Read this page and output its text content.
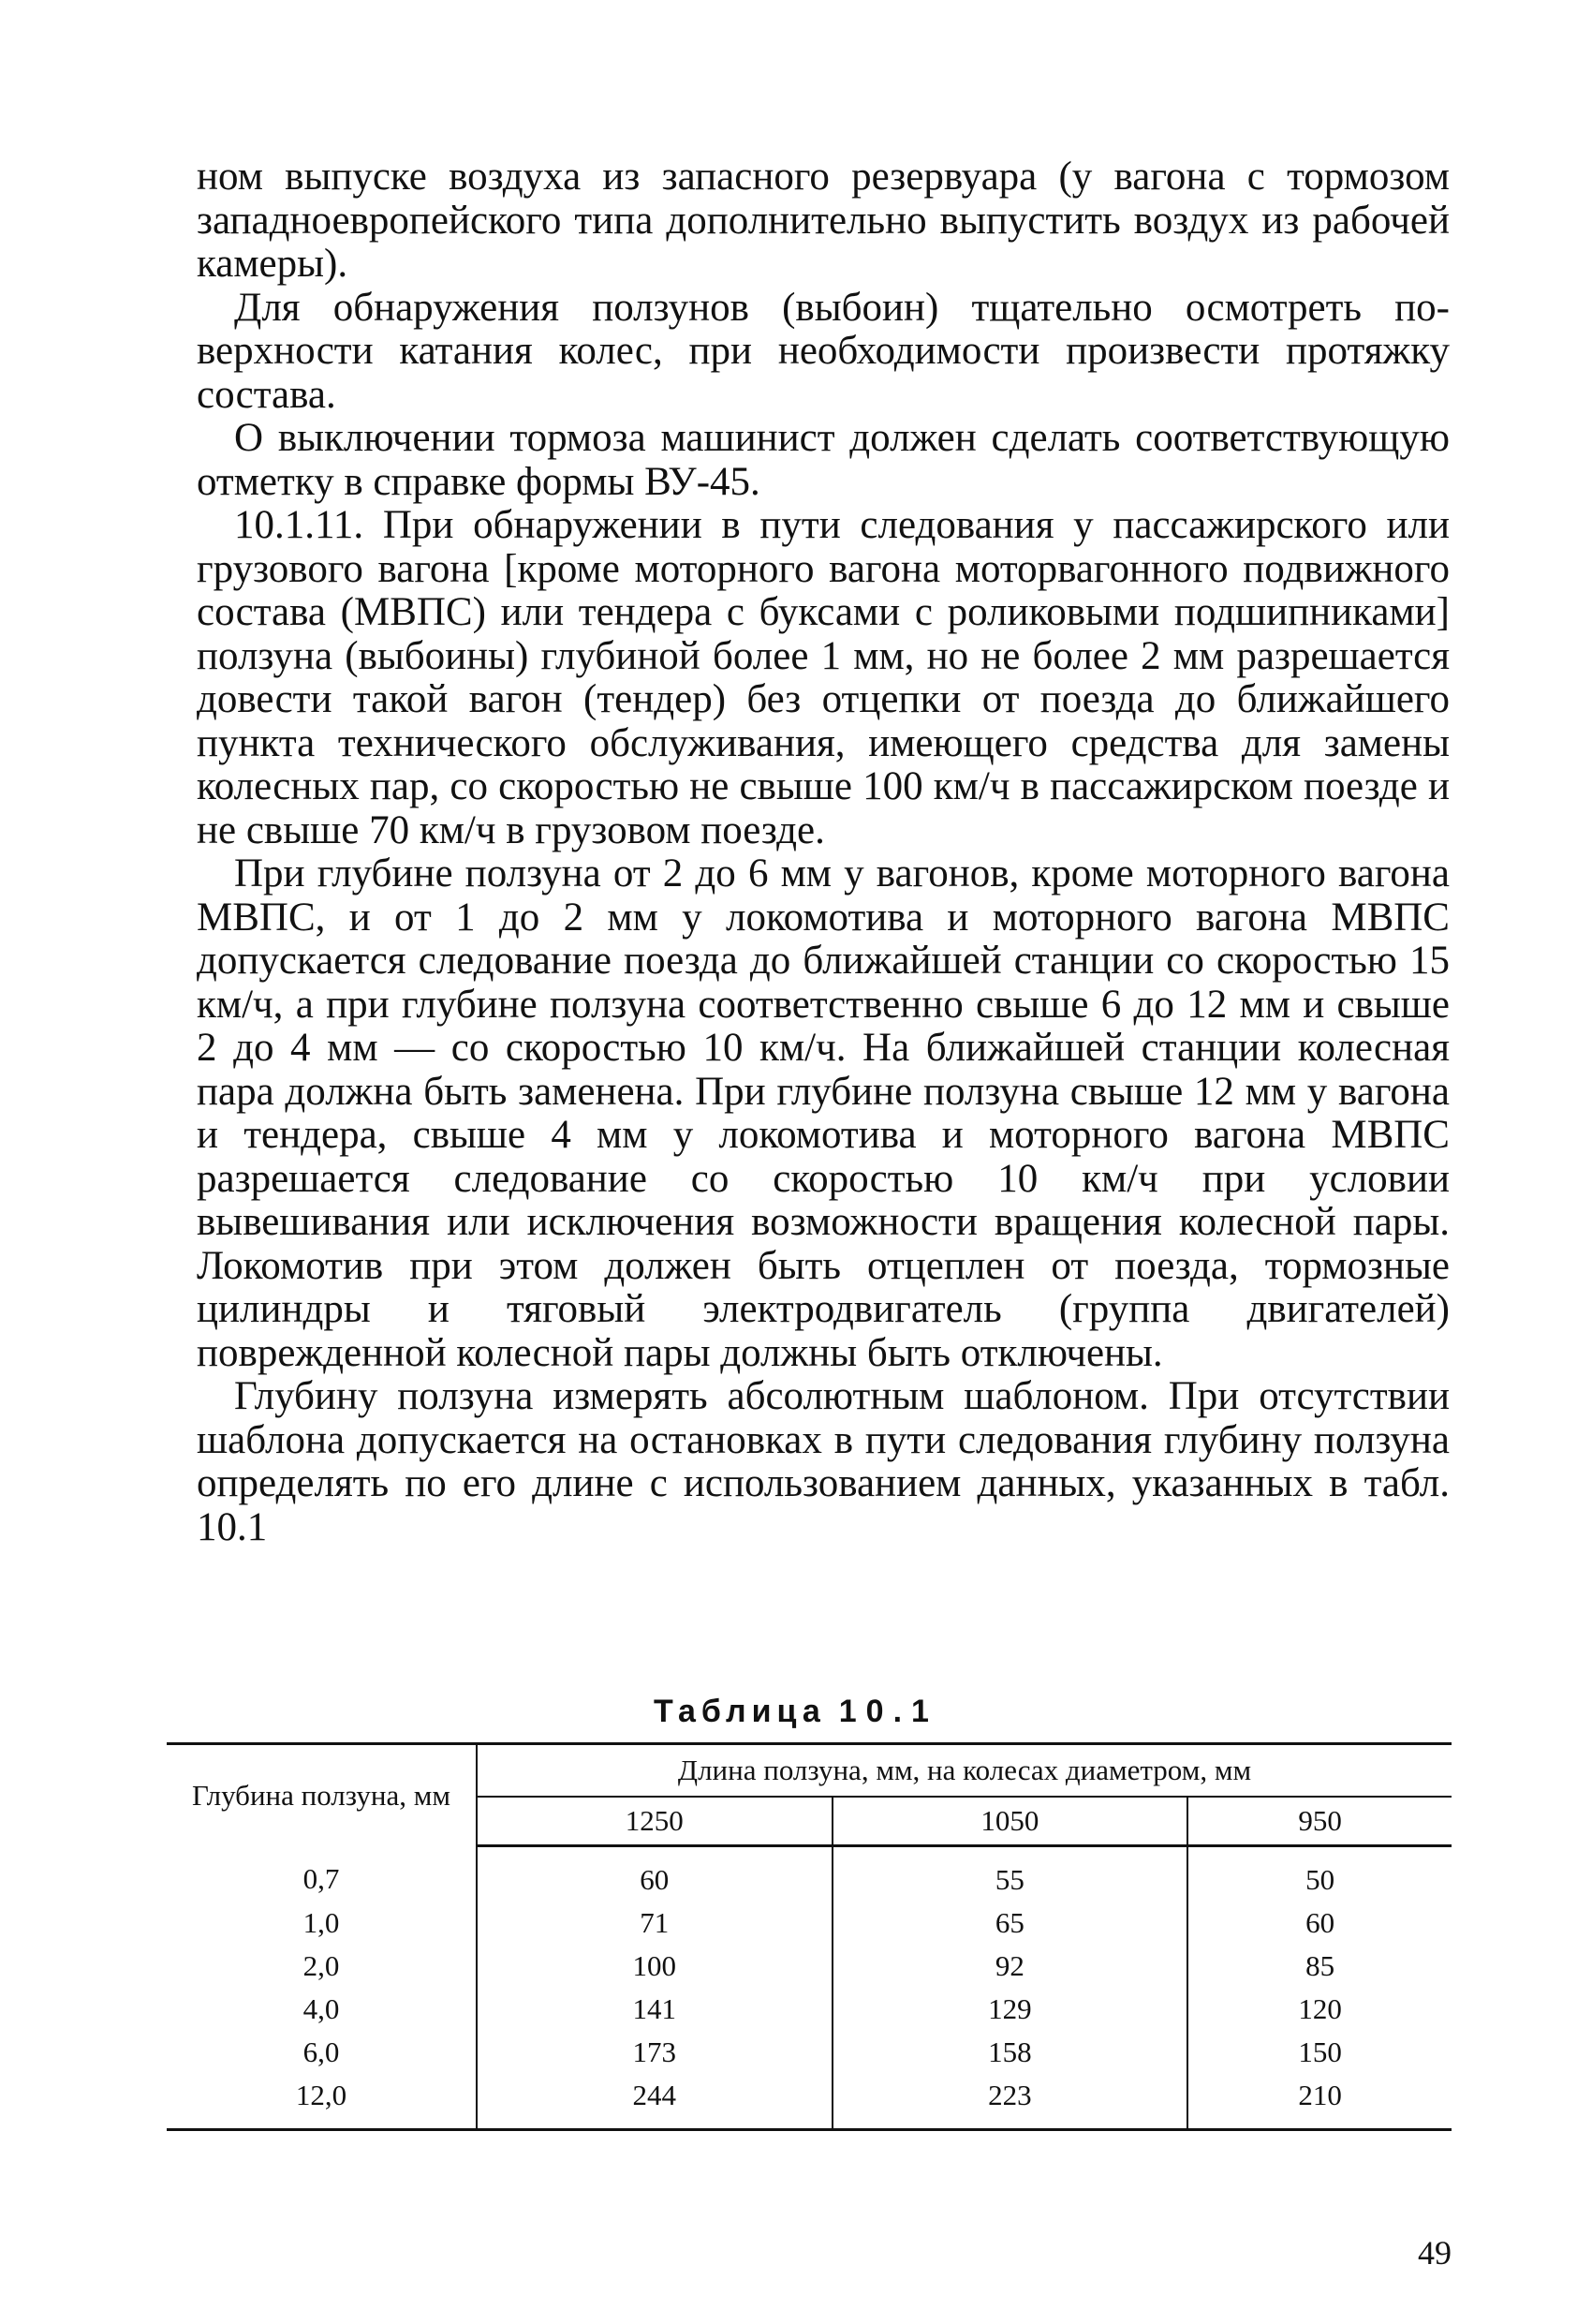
ном выпуске воздуха из запасного резервуара (у вагона с тормозом западноевропейского типа дополнительно выпустить воздух из рабочей камеры).

Для обнаружения ползунов (выбоин) тщательно осмотреть поверхности катания колес, при необходимости произвести протяжку состава.

О выключении тормоза машинист должен сделать соответствующую отметку в справке формы ВУ-45.

10.1.11. При обнаружении в пути следования у пассажирского или грузового вагона [кроме моторного вагона моторвагонного подвижного состава (МВПС) или тендера с буксами с роликовыми подшипниками] ползуна (выбоины) глубиной более 1 мм, но не более 2 мм разрешается довести такой вагон (тендер) без отцепки от поезда до ближайшего пункта технического обслуживания, имеющего средства для замены колесных пар, со скоростью не свыше 100 км/ч в пассажирском поезде и не свыше 70 км/ч в грузовом поезде.

При глубине ползуна от 2 до 6 мм у вагонов, кроме моторного вагона МВПС, и от 1 до 2 мм у локомотива и моторного вагона МВПС допускается следование поезда до ближайшей станции со скоростью 15 км/ч, а при глубине ползуна соответственно свыше 6 до 12 мм и свыше 2 до 4 мм — со скоростью 10 км/ч. На ближайшей станции колесная пара должна быть заменена. При глубине ползуна свыше 12 мм у вагона и тендера, свыше 4 мм у локомотива и моторного вагона МВПС разрешается следование со скоростью 10 км/ч при условии вывешивания или исключения возможности вращения колесной пары. Локомотив при этом должен быть отцеплен от поезда, тормозные цилиндры и тяговый электродвигатель (группа двигателей) поврежденной колесной пары должны быть отключены.

Глубину ползуна измерять абсолютным шаблоном. При отсутствии шаблона допускается на остановках в пути следования глубину ползуна определять по его длине с использованием данных, указанных в табл. 10.1

Таблица 10.1
Глубина ползуна, мм	Длина ползуна, мм, на колесах диаметром, мм		
	1250	1050	950
0,7	60	55	50
1,0	71	65	60
2,0	100	92	85
4,0	141	129	120
6,0	173	158	150
12,0	244	223	210
49
